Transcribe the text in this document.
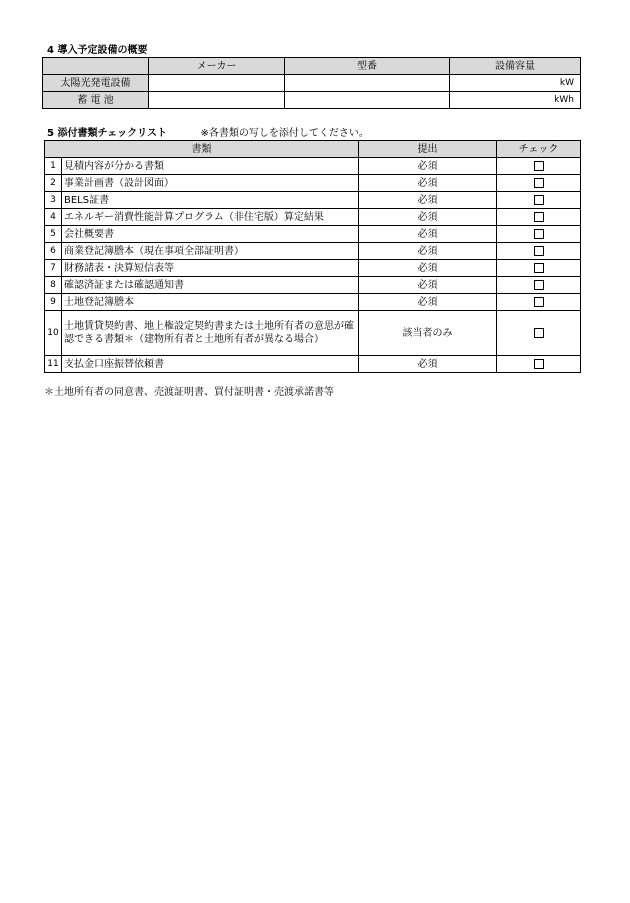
4 導入予定設備の概要
	メーカー	型番	設備容量
太陽光発電設備			kW
蓄 電 池			kWh
5 添付書類チェックリスト	※各書類の写しを添付してください。
書類		提出	チェック
1	見積内容が分かる書類	必須	
2	事業計画書（設計図面）	必須	
3	BELS証書	必須	
4	エネルギー消費性能計算プログラム（非住宅版）算定結果	必須	
5	会社概要書	必須	
6	商業登記簿謄本（現在事項全部証明書）	必須	
7	財務諸表・決算短信表等	必須	
8	確認済証または確認通知書	必須	
9	土地登記簿謄本	必須	
10	土地賃貸契約書、地上権設定契約書または土地所有者の意思が確認できる書類＊（建物所有者と土地所有者が異なる場合）	該当者のみ	
11	支払金口座振替依頼書	必須	
＊土地所有者の同意書、売渡証明書、買付証明書・売渡承諾書等
